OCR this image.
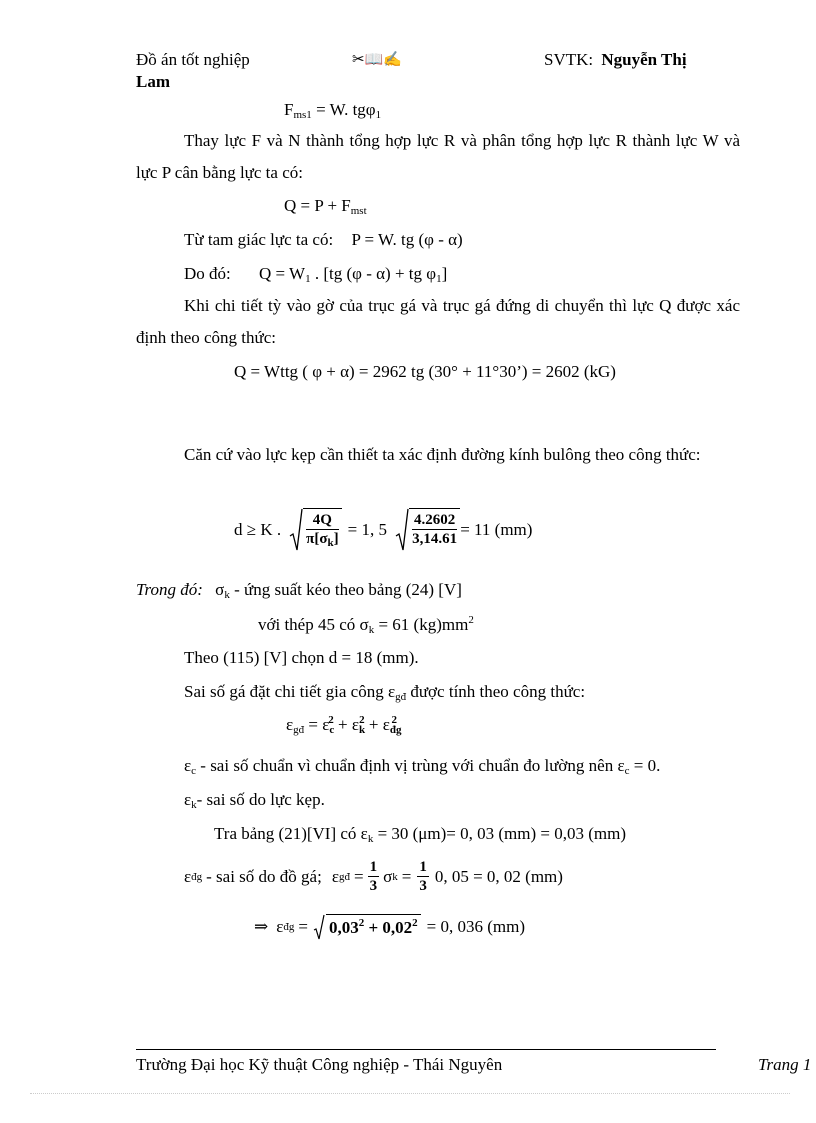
Đồ án tốt nghiệp	✂📖✍	SVTK: Nguyễn Thị
Lam
$F_{ms1} = W$. tgφ$_1$
Thay lực F và N thành tổng hợp lực R và phân tổng hợp lực R thành lực W và lực P cân bằng lực ta có:
$Q = P + F_{mst}$
Từ tam giác lực ta có: P = W. tg (φ - α)
Do đó: $Q = W_1$ . [tg (φ - α) + tg $\varphi_1$]
Khi chi tiết tỳ vào gờ của trục gá và trục gá đứng di chuyển thì lực Q được xác định theo công thức:
Q = Wttg ( φ + α) = 2962 tg (30° + 11°30’) = 2602 (kG)
Căn cứ vào lực kẹp cần thiết ta xác định đường kính bulông theo công thức:
d ≥ K . $\frac{4Q}{\pi[\sigma_k]} = 1$, $5 \frac{4.2602}{3,14.61} = 11$ (mm)
Trong đó: $\sigma_k$ - ứng suất kéo theo bảng (24) [V]
với thép 45 có $\sigma_k = 61$ $(kg)mm^2$
Theo (115) [V] chọn d = 18 (mm).
Sai số gá đặt chi tiết gia công $\varepsilon_{gđ}$ được tính theo công thức:
$\varepsilon_{gđ} = \varepsilon_c^2 + \varepsilon_k^2 + \varepsilon_{đg}^2$
$\varepsilon_c$ - sai số chuẩn vì chuẩn định vị trùng với chuẩn đo lường nên $\varepsilon_c = 0$.
$\varepsilon_k-$ sai số do lực kẹp.
Tra bảng (21)[VI] có $\varepsilon_k = 30$ (μm)= 0, 03 (mm) = 0,03 (mm)
ε đg - sai số do đồ gá; ε gđ = $\frac{1}{3}$ σ $k = \frac{1}{3} 0$, 05 = 0, 02 (mm)
⇒ ε đg = $0,03^2 + 0,02^2 = 0$, 036 (mm)
Trường Đại học Kỹ thuật Công nghiệp - Thái Nguyên	Trang 1
